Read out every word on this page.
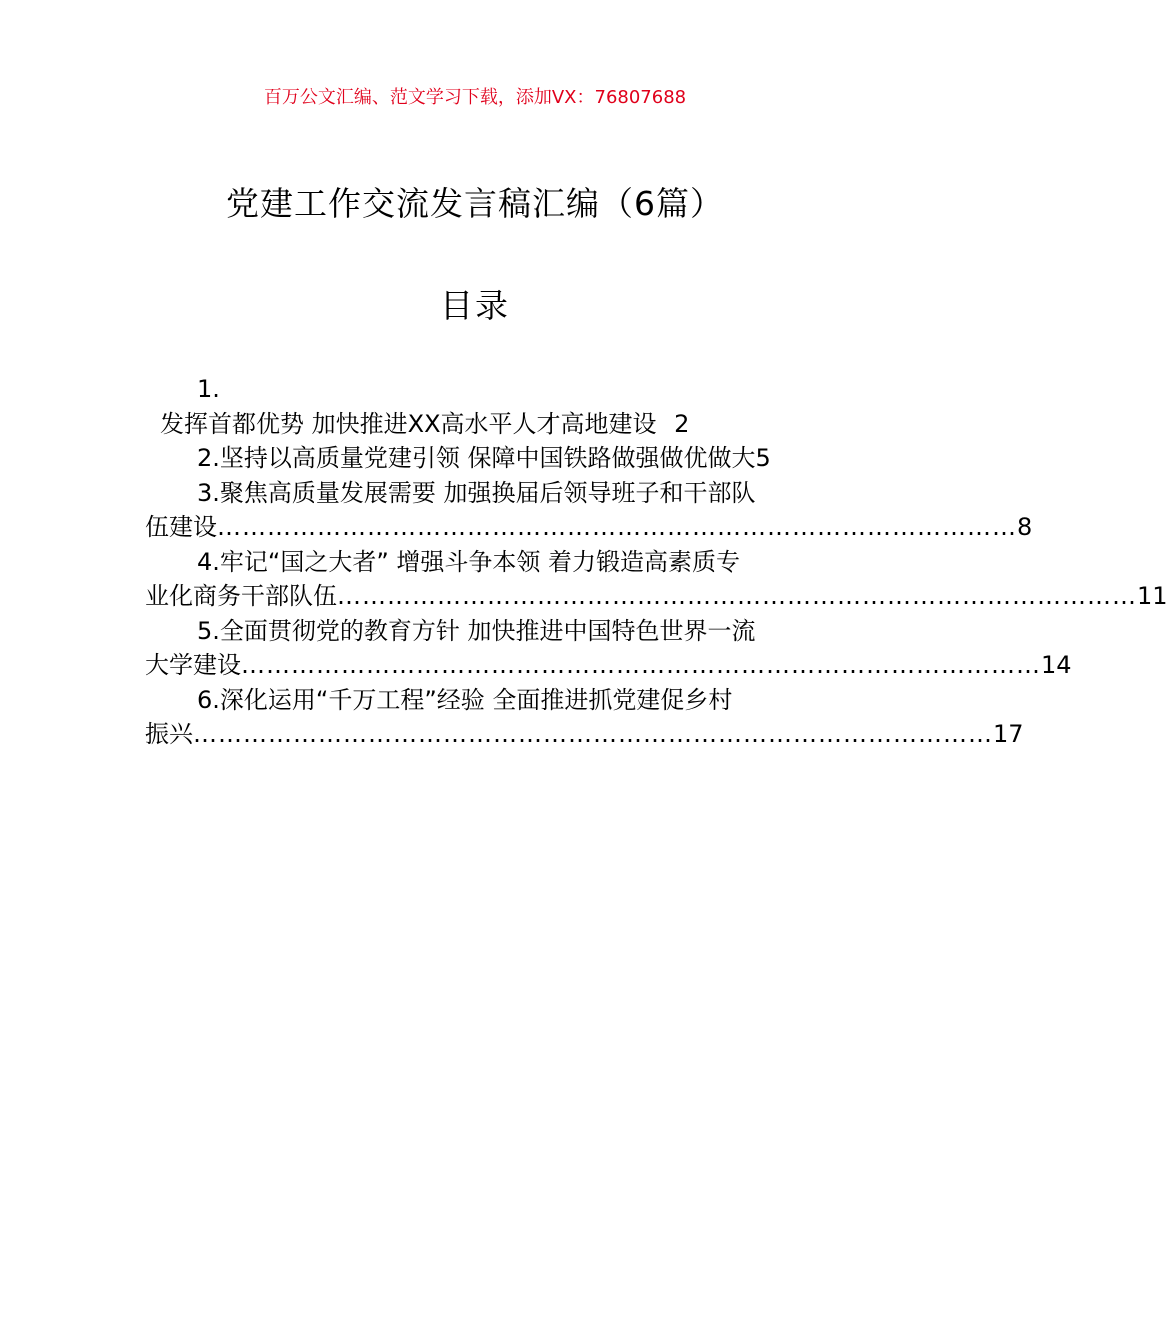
百万公文汇编、范文学习下载，添加VX：76807688
党建工作交流发言稿汇编（6篇）
目录
1.
发挥首都优势 加快推进XX高水平人才高地建设 2
2.坚持以高质量党建引领 保障中国铁路做强做优做大5
3.聚焦高质量发展需要 加强换届后领导班子和干部队
伍建设 …………………………………………………………………………………… 8
4.牢记“国之大者” 增强斗争本领 着力锻造高素质专
业化商务干部队伍 …………………………………………………………………………………… 11
5.全面贯彻党的教育方针 加快推进中国特色世界一流
大学建设 …………………………………………………………………………………… 14
6.深化运用“千万工程”经验 全面推进抓党建促乡村
振兴 …………………………………………………………………………………… 17
